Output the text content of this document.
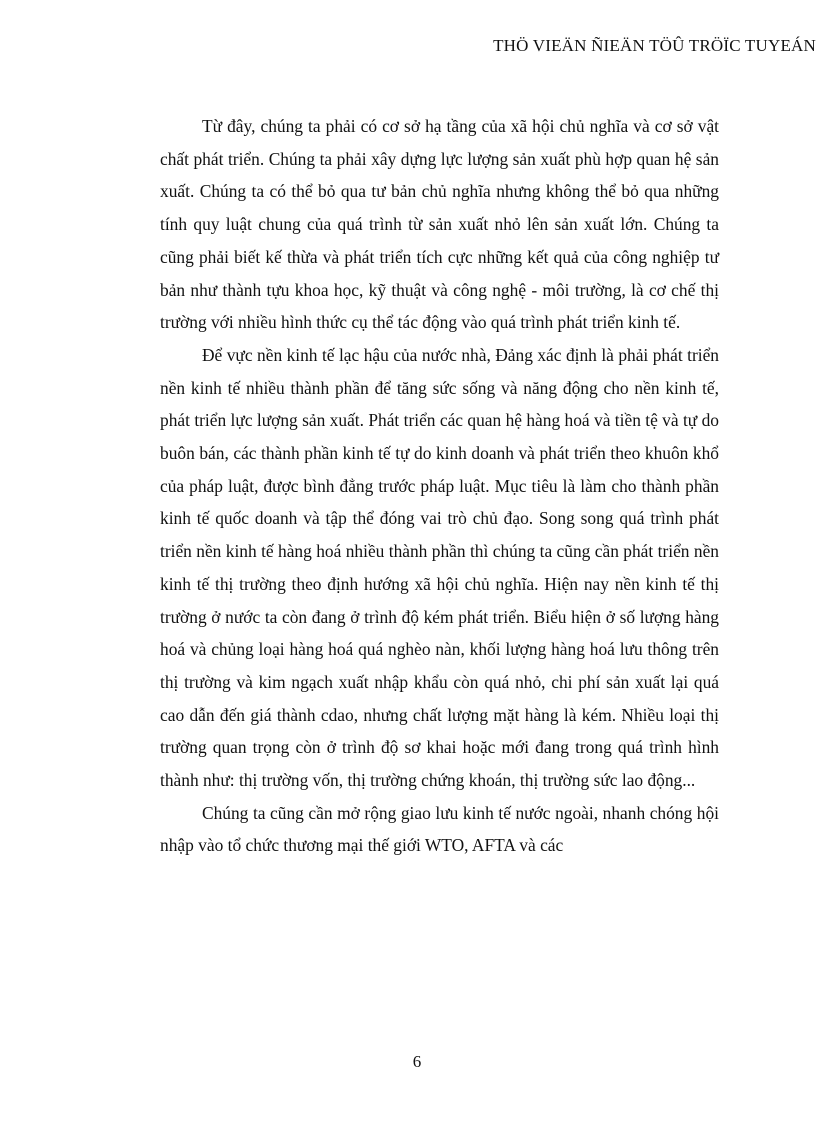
THÖ VIEÄN ÑIEÄN TÖÛ TRÖÏC TUYEÁN

Từ đây, chúng ta phải có cơ sở hạ tầng của xã hội chủ nghĩa và cơ sở vật chất phát triển. Chúng ta phải xây dựng lực lượng sản xuất phù hợp quan hệ sản xuất. Chúng ta có thể bỏ qua tư bản chủ nghĩa nhưng không thể bỏ qua những tính quy luật chung của quá trình từ sản xuất nhỏ lên sản xuất lớn. Chúng ta cũng phải biết kế thừa và phát triển tích cực những kết quả của công nghiệp tư bản như thành tựu khoa học, kỹ thuật và công nghệ - môi trường, là cơ chế thị trường với nhiều hình thức cụ thể tác động vào quá trình phát triển kinh tế.

Để vực nền kinh tế lạc hậu của nước nhà, Đảng xác định là phải phát triển nền kinh tế nhiều thành phần để tăng sức sống và năng động cho nền kinh tế, phát triển lực lượng sản xuất. Phát triển các quan hệ hàng hoá và tiền tệ và tự do buôn bán, các thành phần kinh tế tự do kinh doanh và phát triển theo khuôn khổ của pháp luật, được bình đẳng trước pháp luật. Mục tiêu là làm cho thành phần kinh tế quốc doanh và tập thể đóng vai trò chủ đạo. Song song quá trình phát triển nền kinh tế hàng hoá nhiều thành phần thì chúng ta cũng cần phát triển nền kinh tế thị trường theo định hướng xã hội chủ nghĩa. Hiện nay nền kinh tế thị trường ở nước ta còn đang ở trình độ kém phát triển. Biểu hiện ở số lượng hàng hoá và chủng loại hàng hoá quá nghèo nàn, khối lượng hàng hoá lưu thông trên thị trường và kim ngạch xuất nhập khẩu còn quá nhỏ, chi phí sản xuất lại quá cao dẫn đến giá thành cdao, nhưng chất lượng mặt hàng là kém. Nhiều loại thị trường quan trọng còn ở trình độ sơ khai hoặc mới đang trong quá trình hình thành như: thị trường vốn, thị trường chứng khoán, thị trường sức lao động...

Chúng ta cũng cần mở rộng giao lưu kinh tế nước ngoài, nhanh chóng hội nhập vào tổ chức thương mại thế giới WTO, AFTA và các

6
